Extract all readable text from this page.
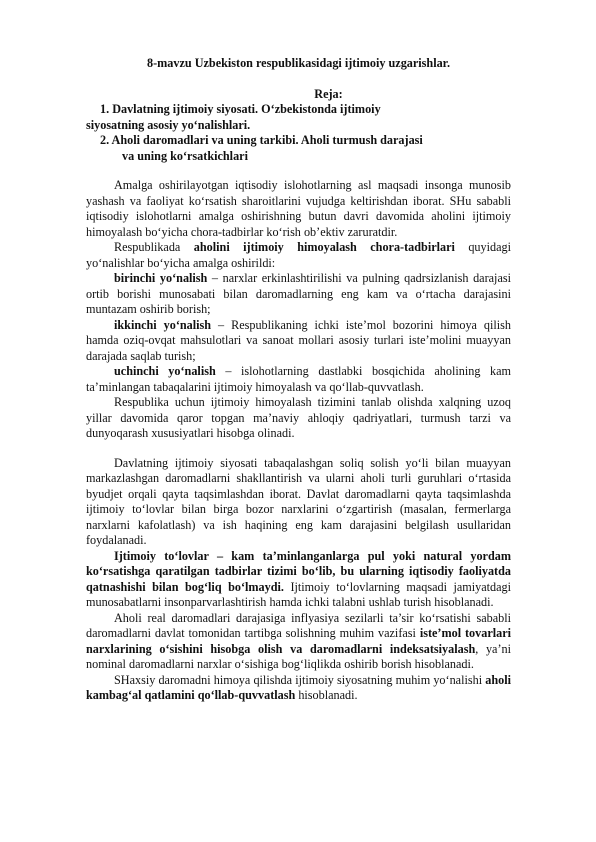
8-mavzu Uzbekiston respublikasidagi ijtimoiy uzgarishlar.

Reja:

1. Davlatning ijtimoiy siyosati. O‘zbekistonda ijtimoiy
siyosatning asosiy yo‘nalishlari.
2. Aholi daromadlari va uning tarkibi. Aholi turmush darajasi
va uning ko‘rsatkichlari

Amalga oshirilayotgan iqtisodiy islohotlarning asl maqsadi insonga munosib yashash va faoliyat ko‘rsatish sharoitlarini vujudga keltirishdan iborat. SHu sababli iqtisodiy islohotlarni amalga oshirishning butun davri davomida aholini ijtimoiy himoyalash bo‘yicha chora-tadbirlar ko‘rish ob’ektiv zaruratdir.

Respublikada aholini ijtimoiy himoyalash chora-tadbirlari quyidagi yo‘nalishlar bo‘yicha amalga oshirildi:

birinchi yo‘nalish – narxlar erkinlashtirilishi va pulning qadrsizlanish darajasi ortib borishi munosabati bilan daromadlarning eng kam va o‘rtacha darajasini muntazam oshirib borish;

ikkinchi yo‘nalish – Respublikaning ichki iste’mol bozorini himoya qilish hamda oziq-ovqat mahsulotlari va sanoat mollari asosiy turlari iste’molini muayyan darajada saqlab turish;

uchinchi yo‘nalish – islohotlarning dastlabki bosqichida aholining kam ta’minlangan tabaqalarini ijtimoiy himoyalash va qo‘llab-quvvatlash.

Respublika uchun ijtimoiy himoyalash tizimini tanlab olishda xalqning uzoq yillar davomida qaror topgan ma’naviy ahloqiy qadriyatlari, turmush tarzi va dunyoqarash xususiyatlari hisobga olinadi.

Davlatning ijtimoiy siyosati tabaqalashgan soliq solish yo‘li bilan muayyan markazlashgan daromadlarni shakllantirish va ularni aholi turli guruhlari o‘rtasida byudjet orqali qayta taqsimlashdan iborat. Davlat daromadlarni qayta taqsimlashda ijtimoiy to‘lovlar bilan birga bozor narxlarini o‘zgartirish (masalan, fermerlarga narxlarni kafolatlash) va ish haqining eng kam darajasini belgilash usullaridan foydalanadi.

Ijtimoiy to‘lovlar – kam ta’minlanganlarga pul yoki natural yordam ko‘rsatishga qaratilgan tadbirlar tizimi bo‘lib, bu ularning iqtisodiy faoliyatda qatnashishi bilan bog‘liq bo‘lmaydi. Ijtimoiy to‘lovlarning maqsadi jamiyatdagi munosabatlarni insonparvarlashtirish hamda ichki talabni ushlab turish hisoblanadi.

Aholi real daromadlari darajasiga inflyasiya sezilarli ta’sir ko‘rsatishi sababli daromadlarni davlat tomonidan tartibga solishning muhim vazifasi iste’mol tovarlari narxlarining o‘sishini hisobga olish va daromadlarni indeksatsiyalash, ya’ni nominal daromadlarni narxlar o‘sishiga bog‘liqlikda oshirib borish hisoblanadi.

SHaxsiy daromadni himoya qilishda ijtimoiy siyosatning muhim yo‘nalishi aholi kambag‘al qatlamini qo‘llab-quvvatlash hisoblanadi.
